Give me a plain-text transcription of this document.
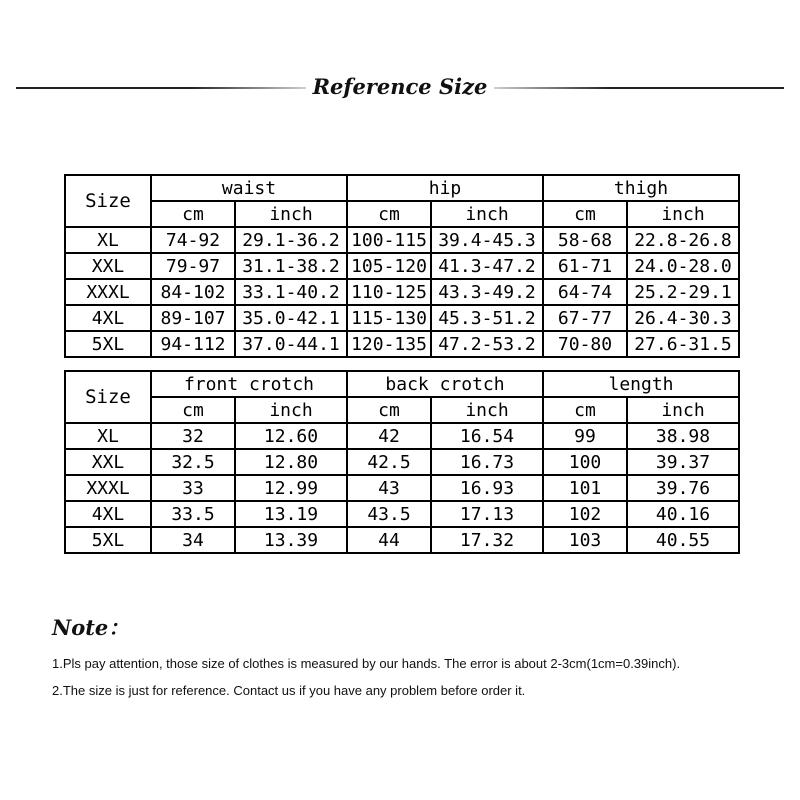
Reference Size
Size	waist		hip		thigh	
	cm	inch	cm	inch	cm	inch
XL	74-92	29.1-36.2	100-115	39.4-45.3	58-68	22.8-26.8
XXL	79-97	31.1-38.2	105-120	41.3-47.2	61-71	24.0-28.0
XXXL	84-102	33.1-40.2	110-125	43.3-49.2	64-74	25.2-29.1
4XL	89-107	35.0-42.1	115-130	45.3-51.2	67-77	26.4-30.3
5XL	94-112	37.0-44.1	120-135	47.2-53.2	70-80	27.6-31.5
Size	front crotch		back crotch		length	
	cm	inch	cm	inch	cm	inch
XL	32	12.60	42	16.54	99	38.98
XXL	32.5	12.80	42.5	16.73	100	39.37
XXXL	33	12.99	43	16.93	101	39.76
4XL	33.5	13.19	43.5	17.13	102	40.16
5XL	34	13.39	44	17.32	103	40.55
Note：
1.Pls pay attention, those size of clothes is measured by our hands. The error is about 2-3cm(1cm=0.39inch).
2.The size is just for reference. Contact us if you have any problem before order it.
